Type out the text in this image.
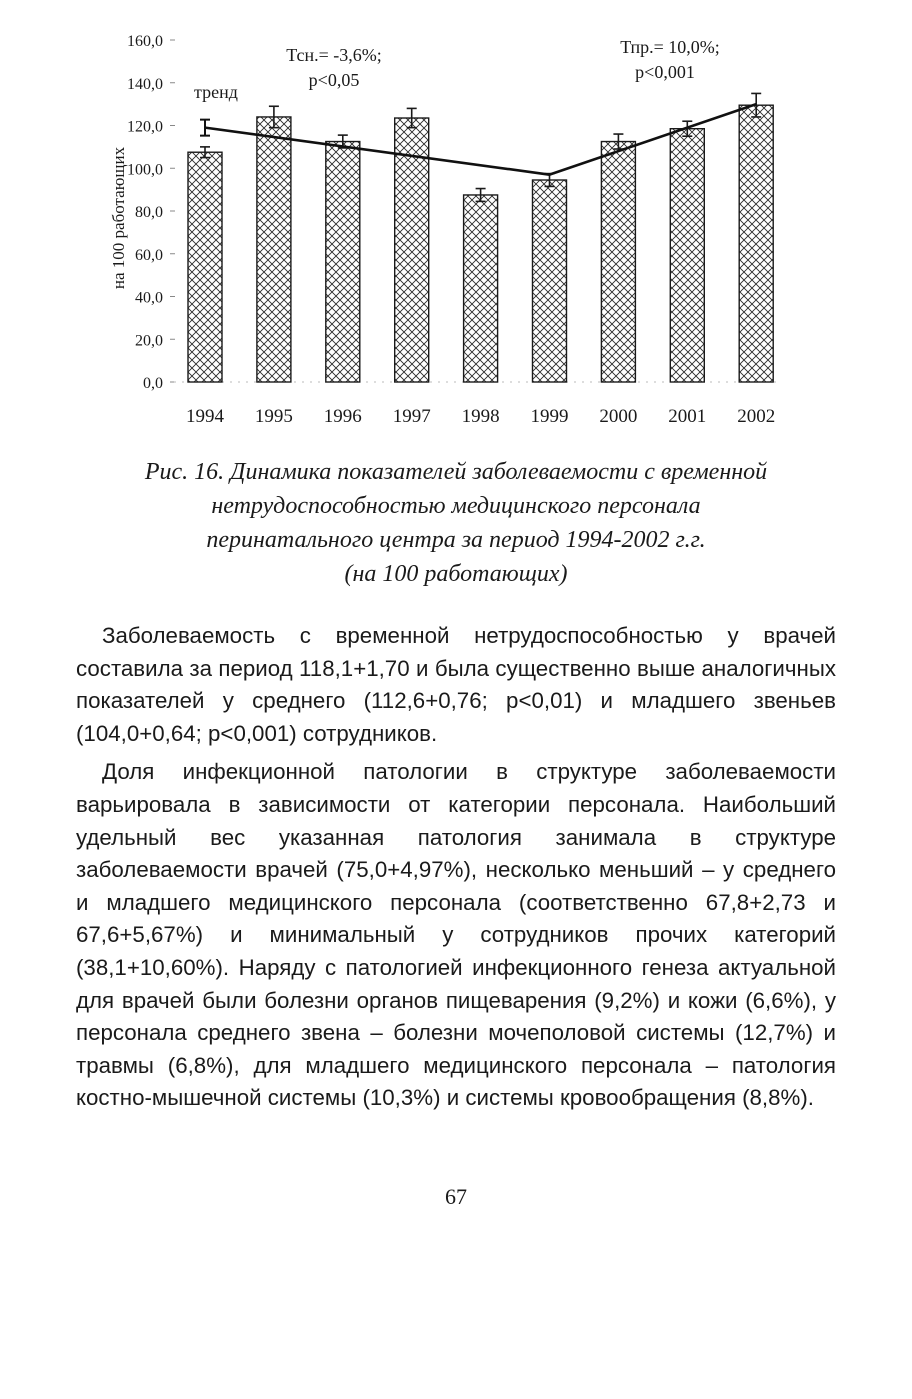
0,0
20,0
40,0
60,0
80,0
100,0
120,0
140,0
160,0
на 100 работающих
тренд
Тсн.= -3,6%;
p<0,05
Тпр.= 10,0%;
p<0,001
1994 1995 1996 1997 1998 1999 2000 2001 2002
Рис. 16. Динамика показателей заболеваемости с временной
нетрудоспособностью медицинского персонала
перинатального центра за период 1994-2002 г.г.
(на 100 работающих)

Заболеваемость с временной нетрудоспособностью у врачей составила за период 118,1+1,70 и была существенно выше аналогичных показателей у среднего (112,6+0,76; p<0,01) и младшего звеньев (104,0+0,64; p<0,001) сотрудников.

Доля инфекционной патологии в структуре заболеваемости варьировала в зависимости от категории персонала. Наибольший удельный вес указанная патология занимала в структуре заболеваемости врачей (75,0+4,97%), несколько меньший – у среднего и младшего медицинского персонала (соответственно 67,8+2,73 и 67,6+5,67%) и минимальный у сотрудников прочих категорий (38,1+10,60%). Наряду с патологией инфекционного генеза актуальной для врачей были болезни органов пищеварения (9,2%) и кожи (6,6%), у персонала среднего звена – болезни мочеполовой системы (12,7%) и травмы (6,8%), для младшего медицинского персонала – патология костно-мышечной системы (10,3%) и системы кровообращения (8,8%).

67
